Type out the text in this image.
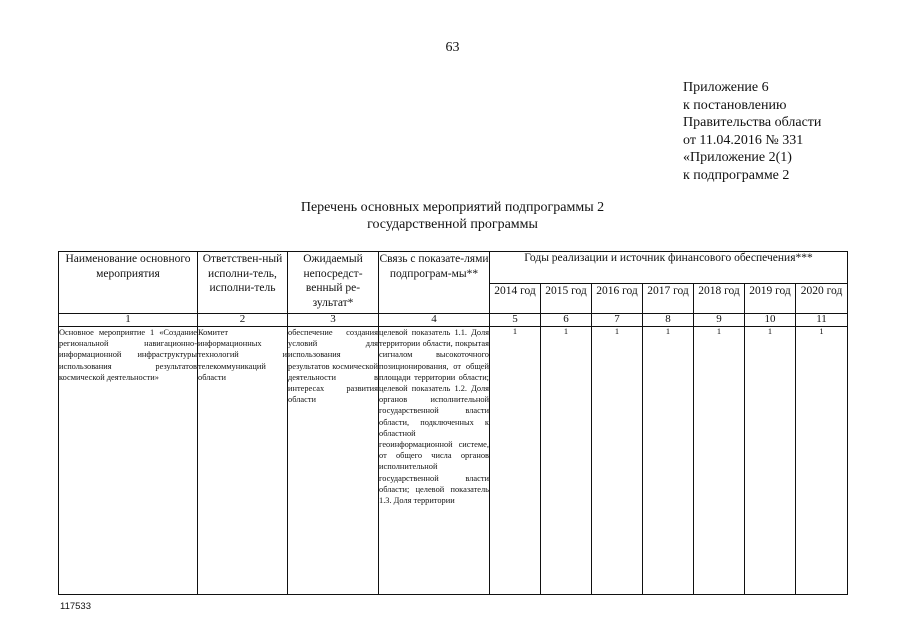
63
Приложение 6
к постановлению
Правительства области
от 11.04.2016 № 331
«Приложение 2(1)
к подпрограмме 2
Перечень основных мероприятий подпрограммы 2
государственной программы
Наименование основного мероприятия	Ответствен-ный исполни-тель, исполни-тель	Ожидаемый непосредст-венный ре-зультат*	Связь с показате-лями подпрограм-мы**	Годы реализации и источник финансового обеспечения***						
				2014 год	2015 год	2016 год	2017 год	2018 год	2019 год	2020 год
1	2	3	4	5	6	7	8	9	10	11
Основное мероприятие 1 «Создание региональной навигационно-информационной инфраструктуры использования результатов космической деятельности»	Комитет информационных технологий и телекоммуникаций области	обеспечение создания условий для использования результатов космической деятельности в интересах развития области	целевой показатель 1.1. Доля территории области, покрытая сигналом высокоточного позиционирования, от общей площади территории области; целевой показатель 1.2. Доля органов исполнительной государственной власти области, подключенных к областной геоинформационной системе, от общего числа органов исполнительной государственной власти области; целевой показатель 1.3. Доля территории	1	1	1	1	1	1	1
117533
